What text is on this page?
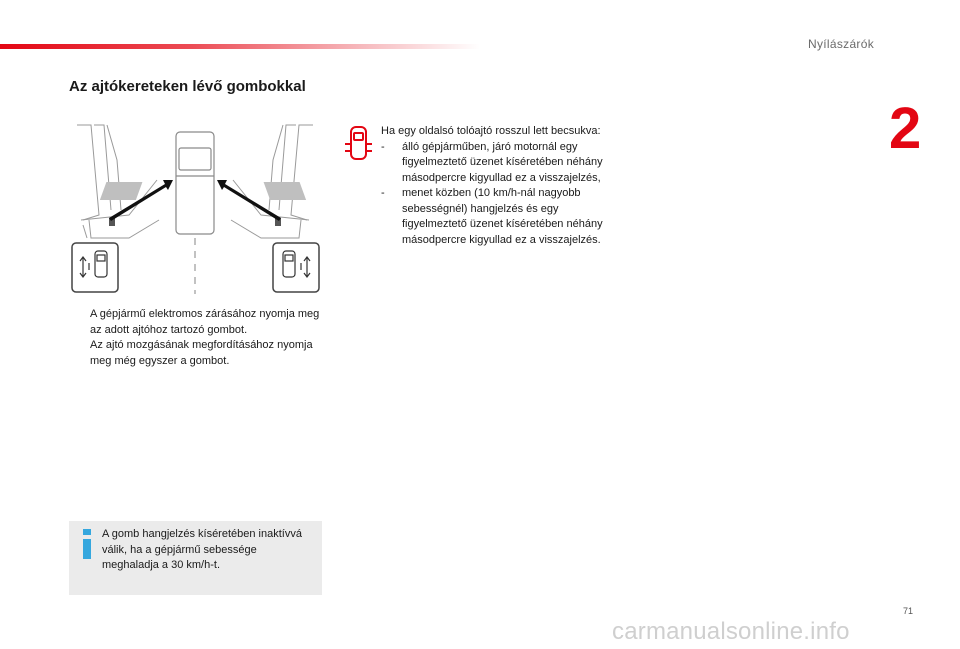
Nyílászárók
2
Az ajtókereteken lévő gombokkal

A gépjármű elektromos zárásához nyomja meg az adott ajtóhoz tartozó gombot.

Az ajtó mozgásának megfordításához nyomja meg még egyszer a gombot.

A gomb hangjelzés kíséretében inaktívvá válik, ha a gépjármű sebessége meghaladja a 30 km/h-t.

Ha egy oldalsó tolóajtó rosszul lett becsukva:

- álló gépjárműben, járó motornál egy figyelmeztető üzenet kíséretében néhány másodpercre kigyullad ez a visszajelzés,

- menet közben (10 km/h-nál nagyobb sebességnél) hangjelzés és egy figyelmeztető üzenet kíséretében néhány másodpercre kigyullad ez a visszajelzés.

71
carmanualsonline.info
